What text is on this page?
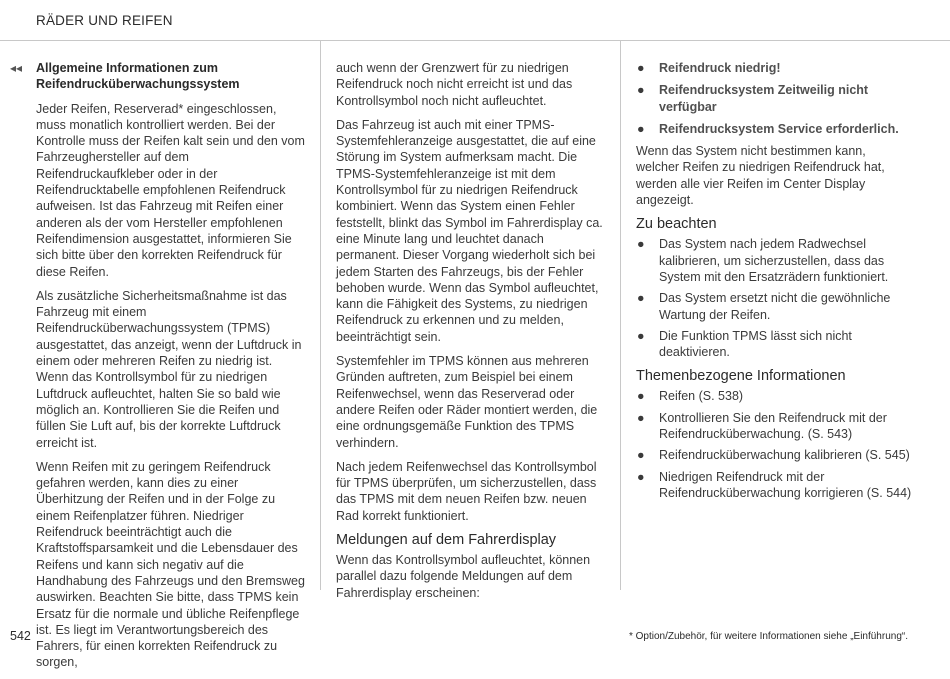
RÄDER UND REIFEN
◂◂ Allgemeine Informationen zum
Reifendrucküberwachungssystem

Jeder Reifen, Reserverad* eingeschlossen, muss monatlich kontrolliert werden. Bei der Kontrolle muss der Reifen kalt sein und den vom Fahrzeughersteller auf dem Reifendruckaufkleber oder in der Reifendrucktabelle empfohlenen Reifendruck aufweisen. Ist das Fahrzeug mit Reifen einer anderen als der vom Hersteller empfohlenen Reifendimension ausgestattet, informieren Sie sich bitte über den korrekten Reifendruck für diese Reifen.

Als zusätzliche Sicherheitsmaßnahme ist das Fahrzeug mit einem Reifendrucküberwachungssystem (TPMS) ausgestattet, das anzeigt, wenn der Luftdruck in einem oder mehreren Reifen zu niedrig ist. Wenn das Kontrollsymbol für zu niedrigen Luftdruck aufleuchtet, halten Sie so bald wie möglich an. Kontrollieren Sie die Reifen und füllen Sie Luft auf, bis der korrekte Luftdruck erreicht ist.

Wenn Reifen mit zu geringem Reifendruck gefahren werden, kann dies zu einer Überhitzung der Reifen und in der Folge zu einem Reifenplatzer führen. Niedriger Reifendruck beeinträchtigt auch die Kraftstoffsparsamkeit und die Lebensdauer des Reifens und kann sich negativ auf die Handhabung des Fahrzeugs und den Bremsweg auswirken. Beachten Sie bitte, dass TPMS kein Ersatz für die normale und übliche Reifenpflege ist. Es liegt im Verantwortungsbereich des Fahrers, für einen korrekten Reifendruck zu sorgen,

auch wenn der Grenzwert für zu niedrigen Reifendruck noch nicht erreicht ist und das Kontrollsymbol noch nicht aufleuchtet.

Das Fahrzeug ist auch mit einer TPMS-Systemfehleranzeige ausgestattet, die auf eine Störung im System aufmerksam macht. Die TPMS-Systemfehleranzeige ist mit dem Kontrollsymbol für zu niedrigen Reifendruck kombiniert. Wenn das System einen Fehler feststellt, blinkt das Symbol im Fahrerdisplay ca. eine Minute lang und leuchtet danach permanent. Dieser Vorgang wiederholt sich bei jedem Starten des Fahrzeugs, bis der Fehler behoben wurde. Wenn das Symbol aufleuchtet, kann die Fähigkeit des Systems, zu niedrigen Reifendruck zu erkennen und zu melden, beeinträchtigt sein.

Systemfehler im TPMS können aus mehreren Gründen auftreten, zum Beispiel bei einem Reifenwechsel, wenn das Reserverad oder andere Reifen oder Räder montiert werden, die eine ordnungsgemäße Funktion des TPMS verhindern.

Nach jedem Reifenwechsel das Kontrollsymbol für TPMS überprüfen, um sicherzustellen, dass das TPMS mit dem neuen Reifen bzw. neuen Rad korrekt funktioniert.

Meldungen auf dem Fahrerdisplay

Wenn das Kontrollsymbol aufleuchtet, können parallel dazu folgende Meldungen auf dem Fahrerdisplay erscheinen:

● Reifendruck niedrig!
● Reifendrucksystem Zeitweilig nicht verfügbar
● Reifendrucksystem Service erforderlich.

Wenn das System nicht bestimmen kann, welcher Reifen zu niedrigen Reifendruck hat, werden alle vier Reifen im Center Display angezeigt.

Zu beachten
● Das System nach jedem Radwechsel kalibrieren, um sicherzustellen, dass das System mit den Ersatzrädern funktioniert.
● Das System ersetzt nicht die gewöhnliche Wartung der Reifen.
● Die Funktion TPMS lässt sich nicht deaktivieren.
Themenbezogene Informationen
● Reifen (S. 538)
● Kontrollieren Sie den Reifendruck mit der Reifendrucküberwachung. (S. 543)
● Reifendrucküberwachung kalibrieren (S. 545)
● Niedrigen Reifendruck mit der Reifendrucküberwachung korrigieren (S. 544)
542	* Option/Zubehör, für weitere Informationen siehe „Einführung“.
